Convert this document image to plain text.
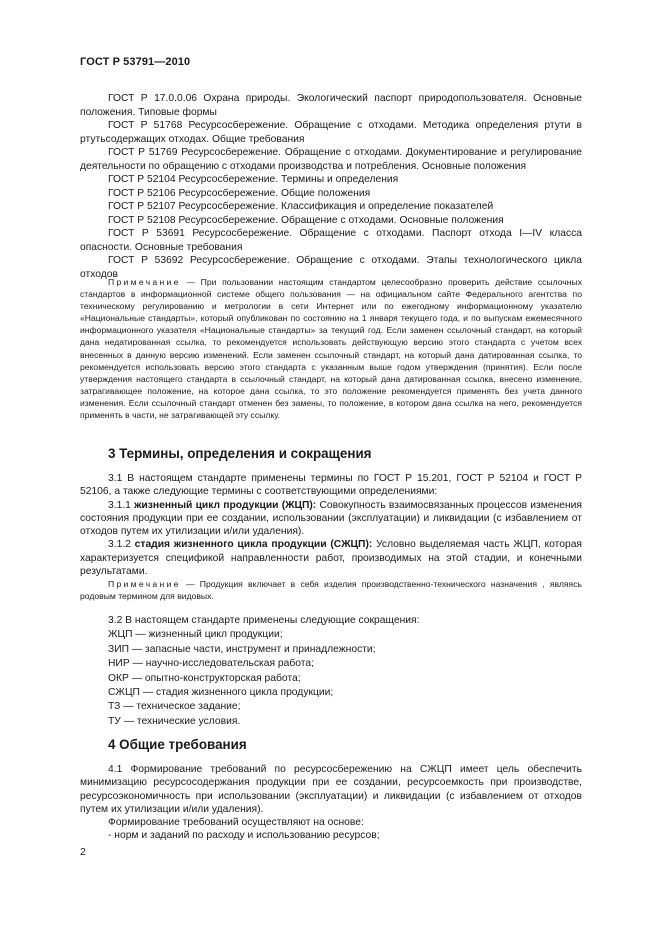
ГОСТ Р 53791—2010

ГОСТ Р 17.0.0.06 Охрана природы. Экологический паспорт природопользователя. Основные положения. Типовые формы

ГОСТ Р 51768 Ресурсосбережение. Обращение с отходами. Методика определения ртути в ртутьсодержащих отходах. Общие требования

ГОСТ Р 51769 Ресурсосбережение. Обращение с отходами. Документирование и регулирование деятельности по обращению с отходами производства и потребления. Основные положения

ГОСТ Р 52104 Ресурсосбережение. Термины и определения

ГОСТ Р 52106 Ресурсосбережение. Общие положения

ГОСТ Р 52107 Ресурсосбережение. Классификация и определение показателей

ГОСТ Р 52108 Ресурсосбережение. Обращение с отходами. Основные положения

ГОСТ Р 53691 Ресурсосбережение. Обращение с отходами. Паспорт отхода I—IV класса опасности. Основные требования

ГОСТ Р 53692 Ресурсосбережение. Обращение с отходами. Этапы технологического цикла отходов

Примечание — При пользовании настоящим стандартом целесообразно проверить действие ссылочных стандартов в информационной системе общего пользования — на официальном сайте Федерального агентства по техническому регулированию и метрологии в сети Интернет или по ежегодному информационному указателю «Национальные стандарты», который опубликован по состоянию на 1 января текущего года, и по выпускам ежемесячного информационного указателя «Национальные стандарты» за текущий год. Если заменен ссылочный стандарт, на который дана недатированная ссылка, то рекомендуется использовать действующую версию этого стандарта с учетом всех внесенных в данную версию изменений. Если заменен ссылочный стандарт, на который дана датированная ссылка, то рекомендуется использовать версию этого стандарта с указанным выше годом утверждения (принятия). Если после утверждения настоящего стандарта в ссылочный стандарт, на который дана датированная ссылка, внесено изменение, затрагивающее положение, на которое дана ссылка, то это положение рекомендуется применять без учета данного изменения. Если ссылочный стандарт отменен без замены, то положение, в котором дана ссылка на него, рекомендуется применять в части, не затрагивающей эту ссылку.

3 Термины, определения и сокращения

3.1 В настоящем стандарте применены термины по ГОСТ Р 15.201, ГОСТ Р 52104 и ГОСТ Р 52106, а также следующие термины с соответствующими определениями:

3.1.1 жизненный цикл продукции (ЖЦП): Совокупность взаимосвязанных процессов изменения состояния продукции при ее создании, использовании (эксплуатации) и ликвидации (с избавлением от отходов путем их утилизации и/или удаления).

3.1.2 стадия жизненного цикла продукции (СЖЦП): Условно выделяемая часть ЖЦП, которая характеризуется спецификой направленности работ, производимых на этой стадии, и конечными результатами.

Примечание — Продукция включает в себя изделия производственно-технического назначения , являясь родовым термином для видовых.

3.2 В настоящем стандарте применены следующие сокращения:
ЖЦП — жизненный цикл продукции;
ЗИП — запасные части, инструмент и принадлежности;
НИР — научно-исследовательская работа;
ОКР — опытно-конструкторская работа;
СЖЦП — стадия жизненного цикла продукции;
ТЗ — техническое задание;
ТУ — технические условия.
4 Общие требования

4.1 Формирование требований по ресурсосбережению на СЖЦП имеет цель обеспечить минимизацию ресурсосодержания продукции при ее создании, ресурсоемкость при производстве, ресурсоэкономичность при использовании (эксплуатации) и ликвидации (с избавлением от отходов путем их утилизации и/или удаления).

Формирование требований осуществляют на основе:

- норм и заданий по расходу и использованию ресурсов;

2
